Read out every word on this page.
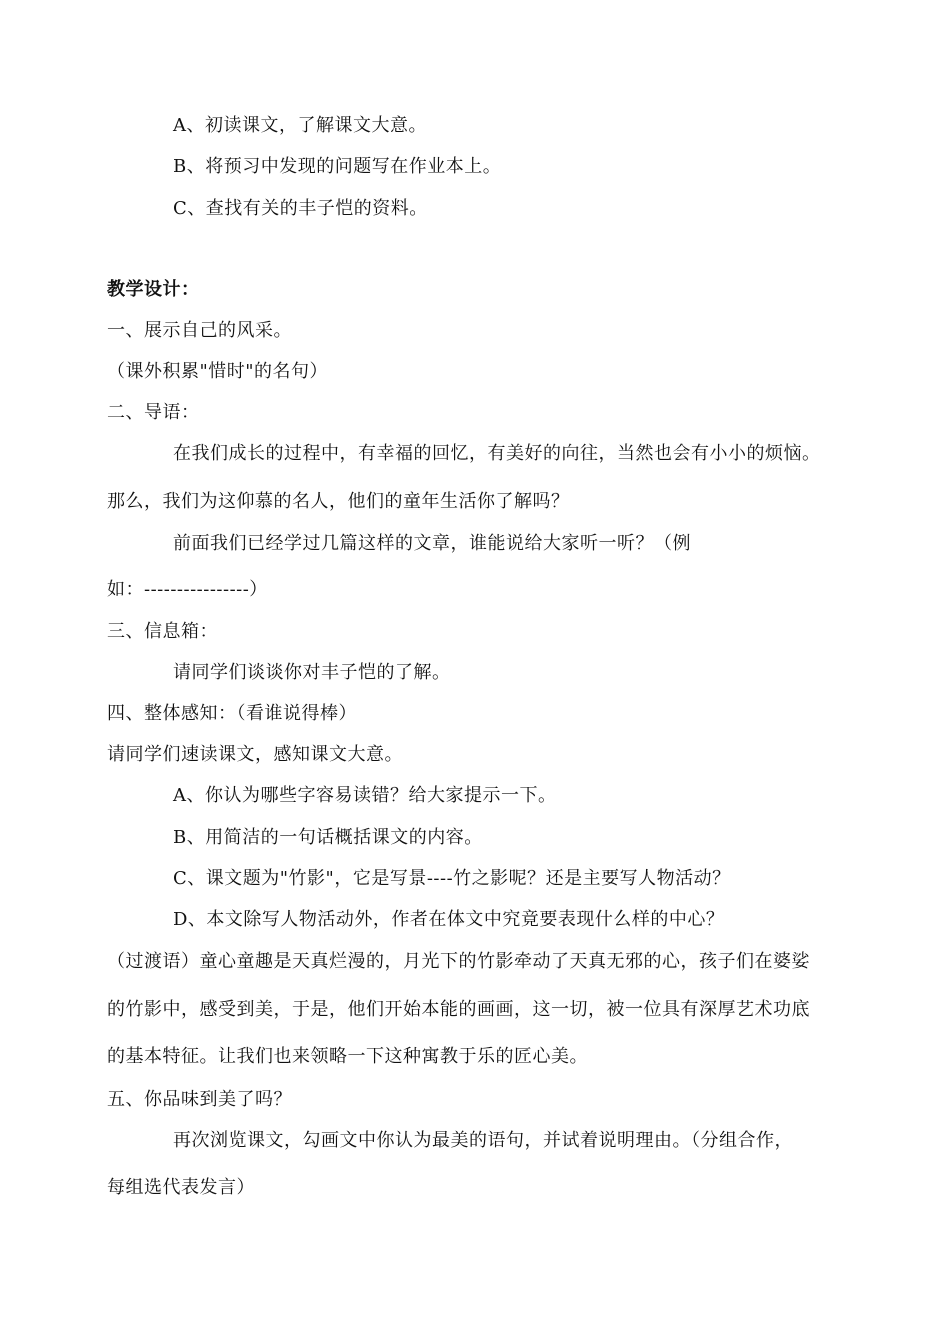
A、初读课文，了解课文大意。
B、将预习中发现的问题写在作业本上。
C、查找有关的丰子恺的资料。
教学设计：
一、展示自己的风采。
（课外积累"惜时"的名句）
二、导语：
在我们成长的过程中，有幸福的回忆，有美好的向往，当然也会有小小的烦恼。
那么，我们为这仰慕的名人，他们的童年生活你了解吗？
前面我们已经学过几篇这样的文章，谁能说给大家听一听？（例
如：----------------）
三、信息箱：
请同学们谈谈你对丰子恺的了解。
四、整体感知：（看谁说得棒）
请同学们速读课文，感知课文大意。
A、你认为哪些字容易读错？给大家提示一下。
B、用简洁的一句话概括课文的内容。
C、课文题为"竹影"，它是写景----竹之影呢？还是主要写人物活动？
D、本文除写人物活动外，作者在体文中究竟要表现什么样的中心？
（过渡语）童心童趣是天真烂漫的，月光下的竹影牵动了天真无邪的心，孩子们在婆娑
的竹影中，感受到美，于是，他们开始本能的画画，这一切，被一位具有深厚艺术功底
的基本特征。让我们也来领略一下这种寓教于乐的匠心美。
五、你品味到美了吗？
再次浏览课文，勾画文中你认为最美的语句，并试着说明理由。（分组合作，
每组选代表发言）
